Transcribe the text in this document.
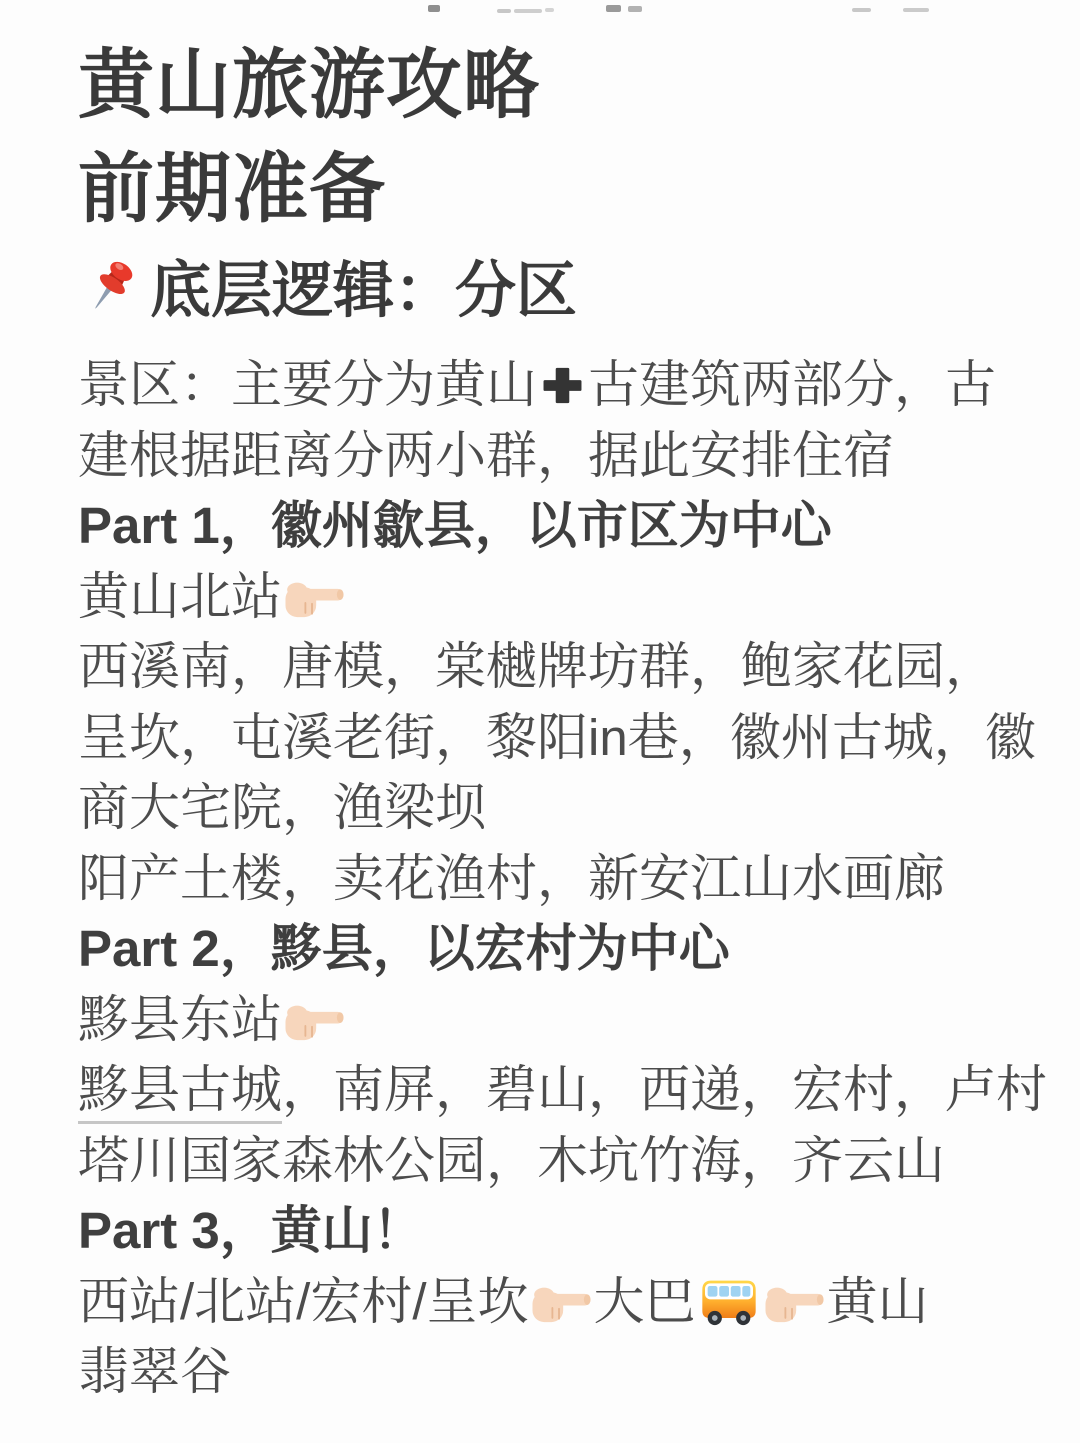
黄山旅游攻略
前期准备
底层逻辑：分区

景区：主要分为黄山 古建筑两部分，古

建根据距离分两小群，据此安排住宿

Part 1，徽州歙县，以市区为中心

黄山北站

西溪南，唐模，棠樾牌坊群，鲍家花园，

呈坎，屯溪老街，黎阳in巷，徽州古城，徽

商大宅院，渔梁坝

阳产土楼，卖花渔村，新安江山水画廊

Part 2，黟县，以宏村为中心

黟县东站

黟县古城，南屏，碧山，西递，宏村，卢村

塔川国家森林公园，木坑竹海，齐云山

Part 3，黄山！

西站/北站/宏村/呈坎 大巴	黄山

翡翠谷
